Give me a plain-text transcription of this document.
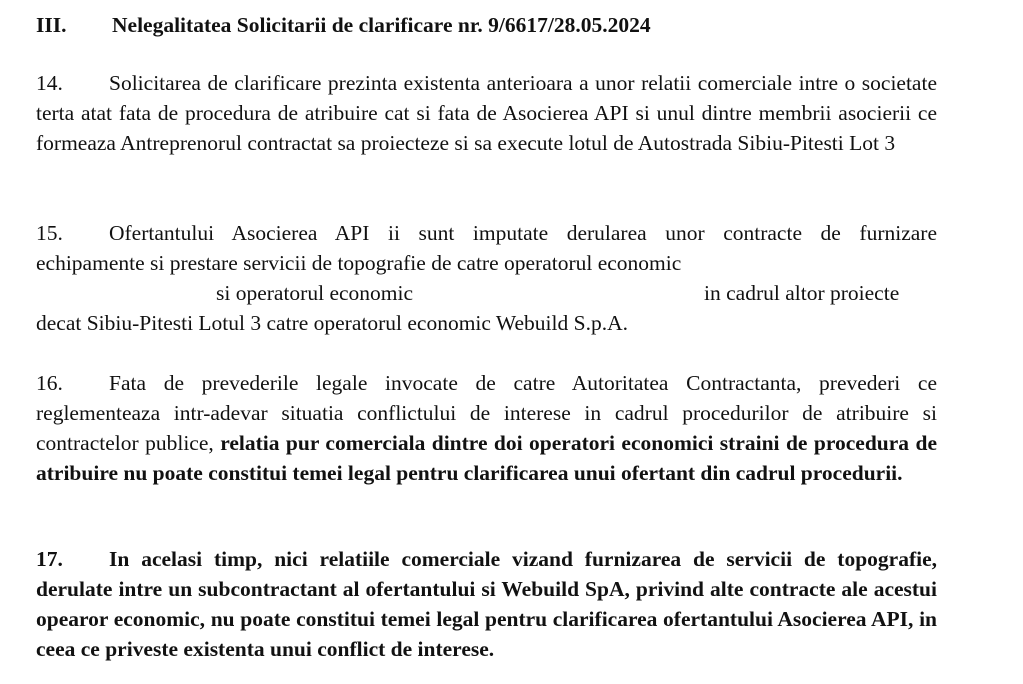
III. Nelegalitatea Solicitarii de clarificare nr. 9/6617/28.05.2024
14. Solicitarea de clarificare prezinta existenta anterioara a unor relatii comerciale intre o societate terta atat fata de procedura de atribuire cat si fata de Asocierea API si unul dintre membrii asocierii ce formeaza Antreprenorul contractat sa proiecteze si sa execute lotul de Autostrada Sibiu-Pitesti Lot 3
15. Ofertantului Asocierea API ii sunt imputate derularea unor contracte de furnizare
echipamente si prestare servicii de topografie de catre operatorul economic
si operatorul economic	in cadrul altor proiecte
decat Sibiu-Pitesti Lotul 3 catre operatorul economic Webuild S.p.A.
16. Fata de prevederile legale invocate de catre Autoritatea Contractanta, prevederi ce reglementeaza intr-adevar situatia conflictului de interese in cadrul procedurilor de atribuire si contractelor publice, relatia pur comerciala dintre doi operatori economici straini de procedura de atribuire nu poate constitui temei legal pentru clarificarea unui ofertant din cadrul procedurii.
17. In acelasi timp, nici relatiile comerciale vizand furnizarea de servicii de topografie, derulate intre un subcontractant al ofertantului si Webuild SpA, privind alte contracte ale acestui opearor economic, nu poate constitui temei legal pentru clarificarea ofertantului Asocierea API, in ceea ce priveste existenta unui conflict de interese.
